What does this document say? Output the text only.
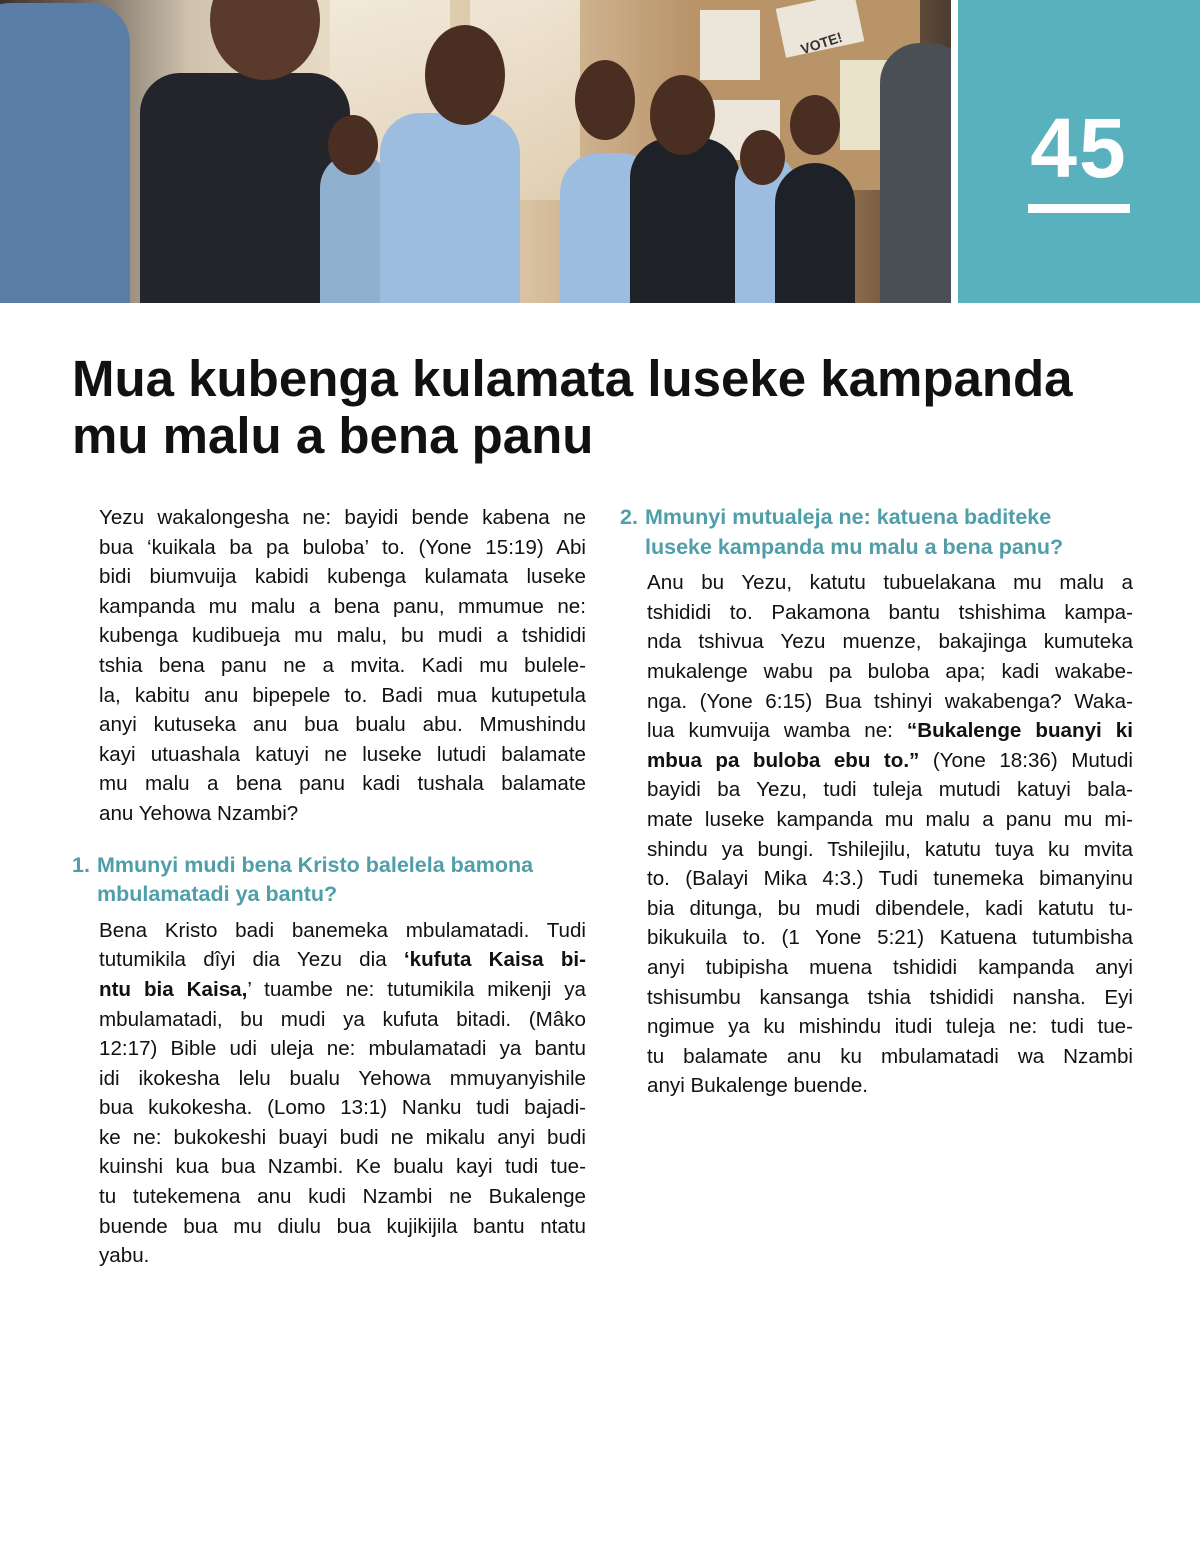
VOTE!
45
Mua kubenga kulamata luseke kampanda
mu malu a bena panu
Yezu wakalongesha ne: bayidi bende kabena ne
bua ‘kuikala ba pa buloba’ to. (Yone 15:19) Abi
bidi biumvuija kabidi kubenga kulamata luseke
kampanda mu malu a bena panu, mmumue ne:
kubenga kudibueja mu malu, bu mudi a tshididi
tshia bena panu ne a mvita. Kadi mu bulele-
la, kabitu anu bipepele to. Badi mua kutupetula
anyi kutuseka anu bua bualu abu. Mmushindu
kayi utuashala katuyi ne luseke lutudi balamate
mu malu a bena panu kadi tushala balamate
anu Yehowa Nzambi?
1. Mmunyi mudi bena Kristo balelela bamona
mbulamatadi ya bantu?
Bena Kristo badi banemeka mbulamatadi. Tudi
tutumikila dîyi dia Yezu dia ‘kufuta Kaisa bi-
ntu bia Kaisa,’ tuambe ne: tutumikila mikenji ya
mbulamatadi, bu mudi ya kufuta bitadi. (Mâko
12:17) Bible udi uleja ne: mbulamatadi ya bantu
idi ikokesha lelu bualu Yehowa mmuyanyishile
bua kukokesha. (Lomo 13:1) Nanku tudi bajadi-
ke ne: bukokeshi buayi budi ne mikalu anyi budi
kuinshi kua bua Nzambi. Ke bualu kayi tudi tue-
tu tutekemena anu kudi Nzambi ne Bukalenge
buende bua mu diulu bua kujikijila bantu ntatu
yabu.
2. Mmunyi mutualeja ne: katuena baditeke
luseke kampanda mu malu a bena panu?
Anu bu Yezu, katutu tubuelakana mu malu a
tshididi to. Pakamona bantu tshishima kampa-
nda tshivua Yezu muenze, bakajinga kumuteka
mukalenge wabu pa buloba apa; kadi wakabe-
nga. (Yone 6:15) Bua tshinyi wakabenga? Waka-
lua kumvuija wamba ne: “Bukalenge buanyi ki
mbua pa buloba ebu to.” (Yone 18:36) Mutudi
bayidi ba Yezu, tudi tuleja mutudi katuyi bala-
mate luseke kampanda mu malu a panu mu mi-
shindu ya bungi. Tshilejilu, katutu tuya ku mvita
to. (Balayi Mika 4:3.) Tudi tunemeka bimanyinu
bia ditunga, bu mudi dibendele, kadi katutu tu-
bikukuila to. (1 Yone 5:21) Katuena tutumbisha
anyi tubipisha muena tshididi kampanda anyi
tshisumbu kansanga tshia tshididi nansha. Eyi
ngimue ya ku mishindu itudi tuleja ne: tudi tue-
tu balamate anu ku mbulamatadi wa Nzambi
anyi Bukalenge buende.
